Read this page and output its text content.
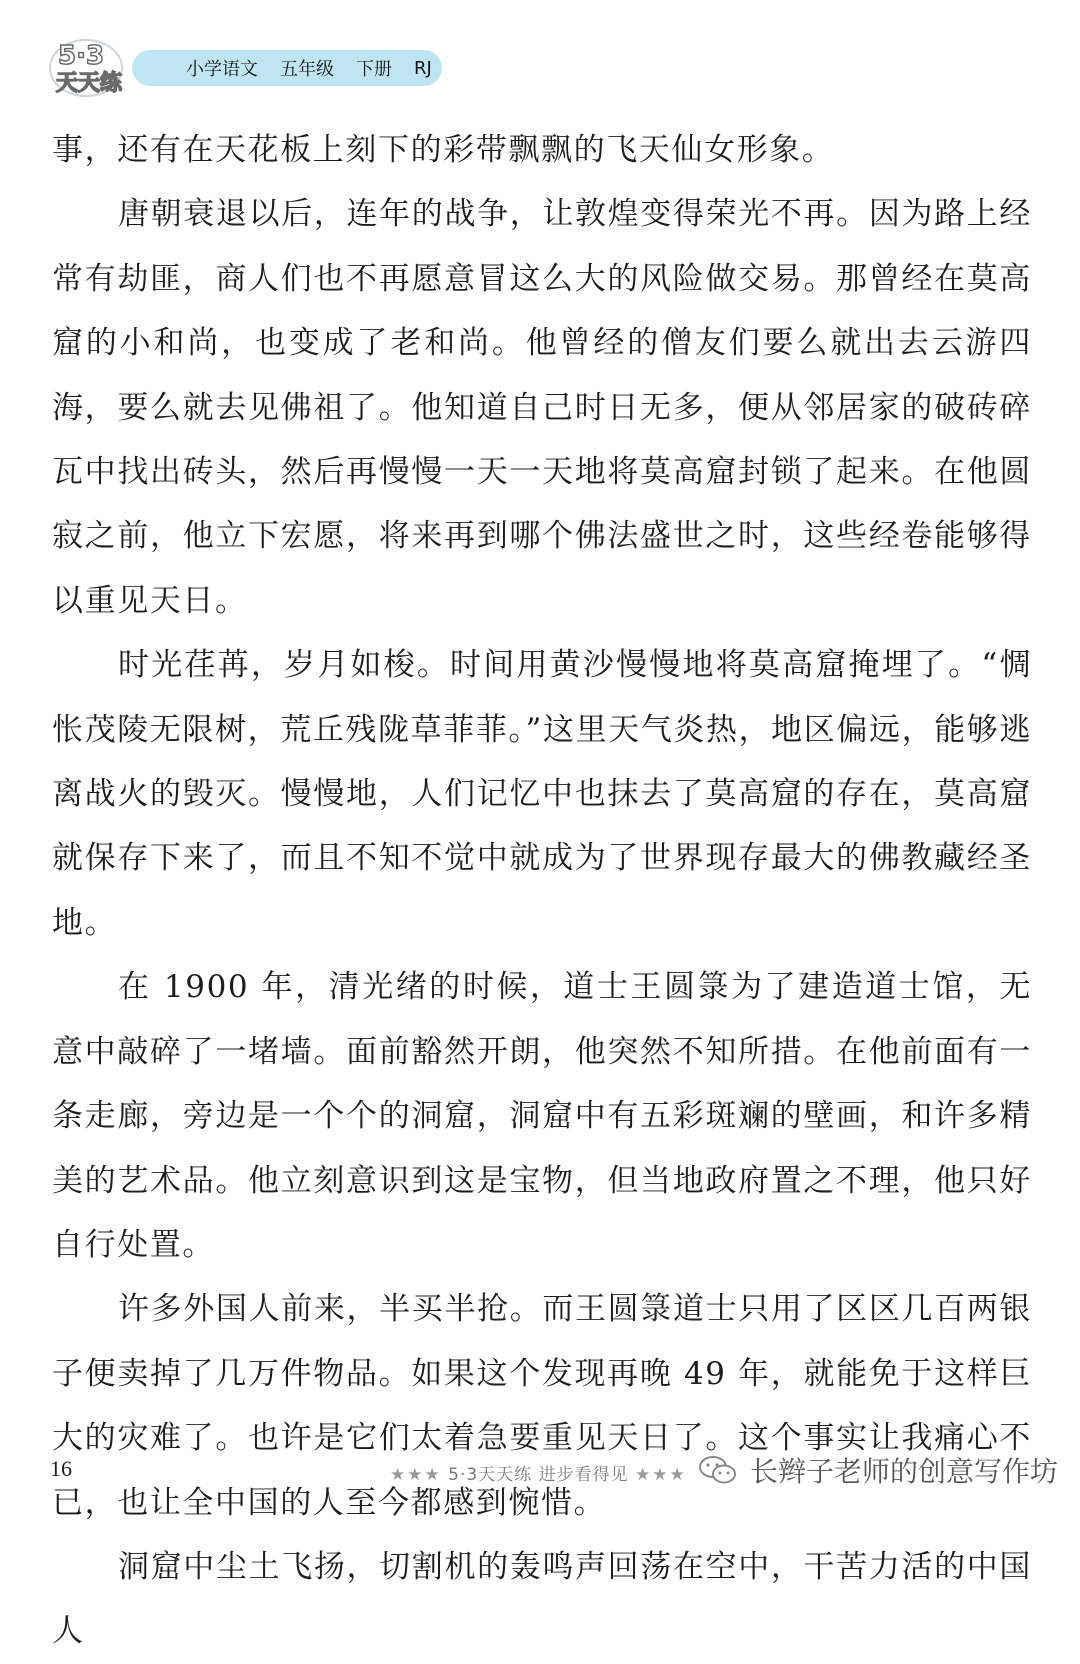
5·3
天天练
小学语文 五年级 下册 RJ

事，还有在天花板上刻下的彩带飘飘的飞天仙女形象。

唐朝衰退以后，连年的战争，让敦煌变得荣光不再。因为路上经常有劫匪，商人们也不再愿意冒这么大的风险做交易。那曾经在莫高窟的小和尚，也变成了老和尚。他曾经的僧友们要么就出去云游四海，要么就去见佛祖了。他知道自己时日无多，便从邻居家的破砖碎瓦中找出砖头，然后再慢慢一天一天地将莫高窟封锁了起来。在他圆寂之前，他立下宏愿，将来再到哪个佛法盛世之时，这些经卷能够得以重见天日。

时光荏苒，岁月如梭。时间用黄沙慢慢地将莫高窟掩埋了。“惆怅茂陵无限树，荒丘残陇草菲菲。”这里天气炎热，地区偏远，能够逃离战火的毁灭。慢慢地，人们记忆中也抹去了莫高窟的存在，莫高窟就保存下来了，而且不知不觉中就成为了世界现存最大的佛教藏经圣地。

在 1900 年，清光绪的时候，道士王圆箓为了建造道士馆，无意中敲碎了一堵墙。面前豁然开朗，他突然不知所措。在他前面有一条走廊，旁边是一个个的洞窟，洞窟中有五彩斑斓的壁画，和许多精美的艺术品。他立刻意识到这是宝物，但当地政府置之不理，他只好自行处置。

许多外国人前来，半买半抢。而王圆箓道士只用了区区几百两银子便卖掉了几万件物品。如果这个发现再晚 49 年，就能免于这样巨大的灾难了。也许是它们太着急要重见天日了。这个事实让我痛心不已，也让全中国的人至今都感到惋惜。

洞窟中尘土飞扬，切割机的轰鸣声回荡在空中，干苦力活的中国人

16	★★★ 5·3天天练 进步看得见 ★★★ 长辫子老师的创意写作坊
